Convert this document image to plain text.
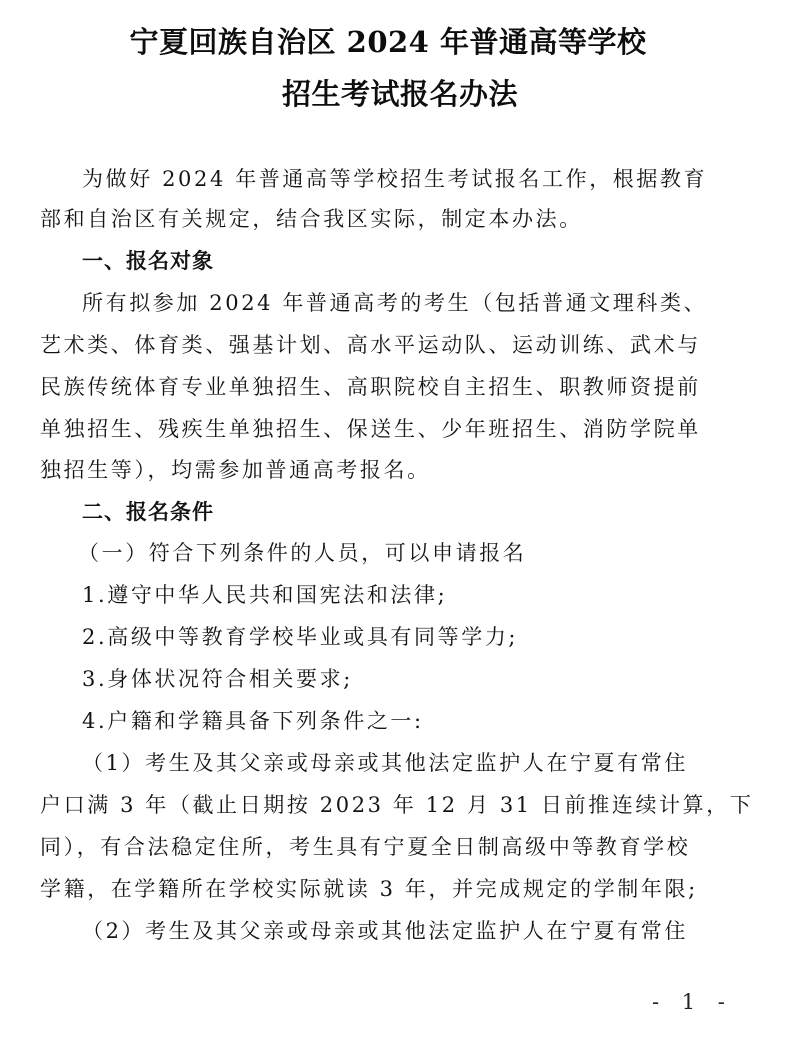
宁夏回族自治区 2024 年普通高等学校
招生考试报名办法
为做好 2024 年普通高等学校招生考试报名工作，根据教育
部和自治区有关规定，结合我区实际，制定本办法。
一、报名对象
所有拟参加 2024 年普通高考的考生（包括普通文理科类、
艺术类、体育类、强基计划、高水平运动队、运动训练、武术与
民族传统体育专业单独招生、高职院校自主招生、职教师资提前
单独招生、残疾生单独招生、保送生、少年班招生、消防学院单
独招生等），均需参加普通高考报名。
二、报名条件
（一）符合下列条件的人员，可以申请报名
1.遵守中华人民共和国宪法和法律;
2.高级中等教育学校毕业或具有同等学力;
3.身体状况符合相关要求;
4.户籍和学籍具备下列条件之一:
（1）考生及其父亲或母亲或其他法定监护人在宁夏有常住
户口满 3 年（截止日期按 2023 年 12 月 31 日前推连续计算，下
同），有合法稳定住所，考生具有宁夏全日制高级中等教育学校
学籍，在学籍所在学校实际就读 3 年，并完成规定的学制年限;
（2）考生及其父亲或母亲或其他法定监护人在宁夏有常住
- 1 -
